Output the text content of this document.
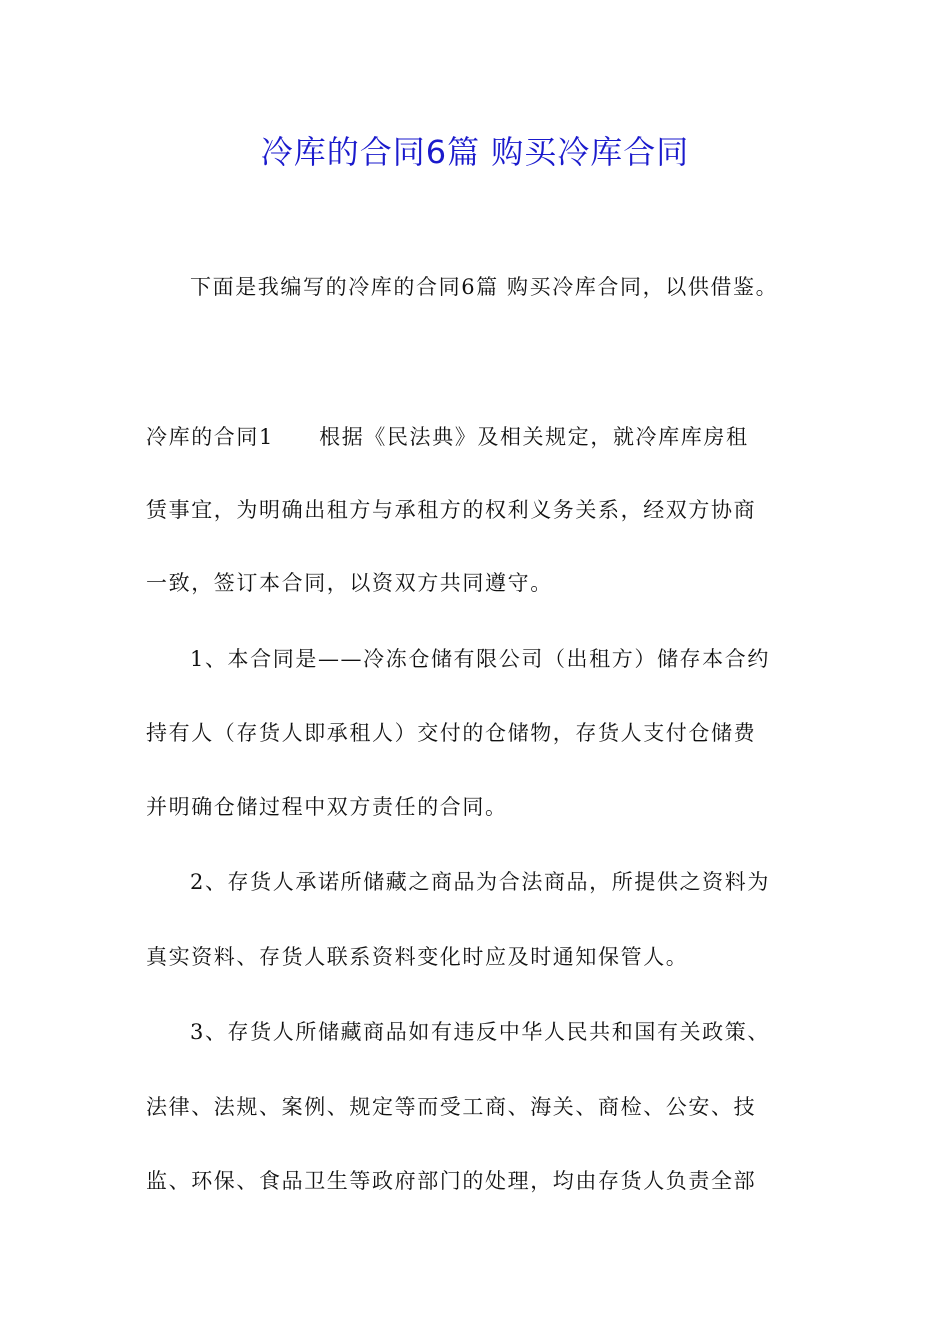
冷库的合同6篇 购买冷库合同

下面是我编写的冷库的合同6篇 购买冷库合同，以供借鉴。

冷库的合同1　　根据《民法典》及相关规定，就冷库库房租

赁事宜，为明确出租方与承租方的权利义务关系，经双方协商

一致，签订本合同，以资双方共同遵守。

1、本合同是——冷冻仓储有限公司（出租方）储存本合约

持有人（存货人即承租人）交付的仓储物，存货人支付仓储费

并明确仓储过程中双方责任的合同。

2、存货人承诺所储藏之商品为合法商品，所提供之资料为

真实资料、存货人联系资料变化时应及时通知保管人。

3、存货人所储藏商品如有违反中华人民共和国有关政策、

法律、法规、案例、规定等而受工商、海关、商检、公安、技

监、环保、食品卫生等政府部门的处理，均由存货人负责全部
